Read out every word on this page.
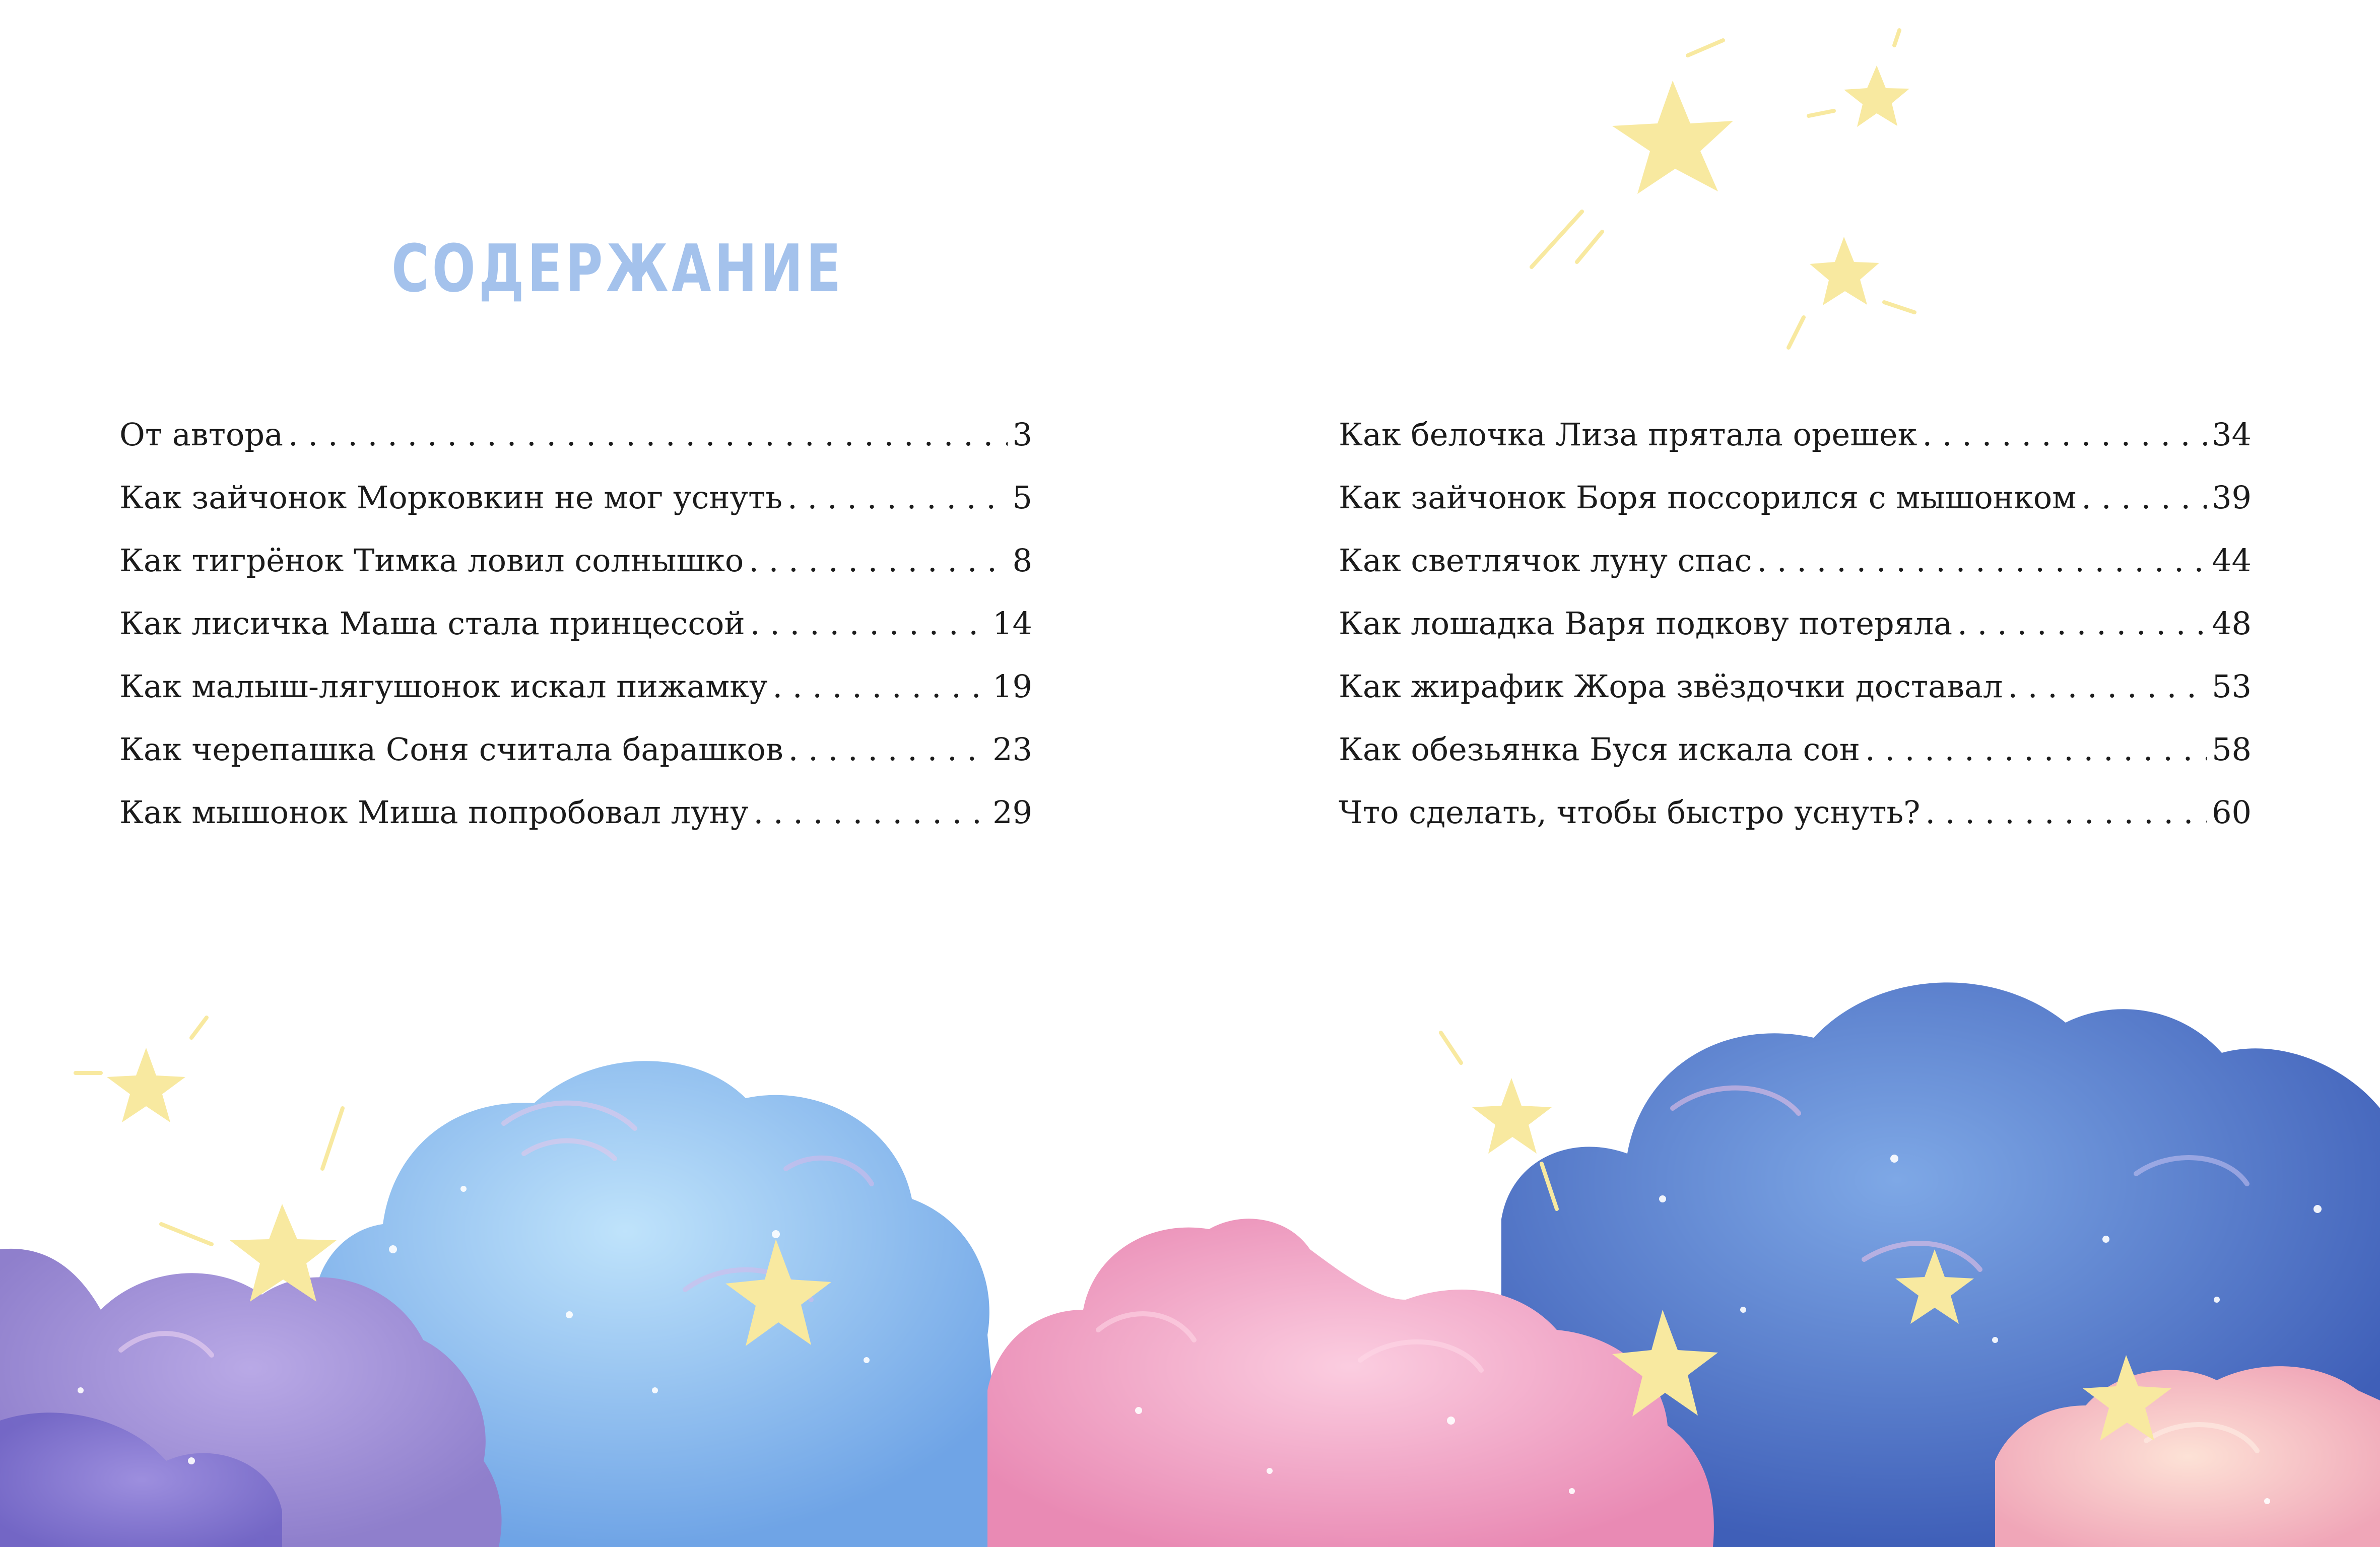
СОДЕРЖАНИЕ
От автора . . .	3
Как зайчонок Морковкин не мог уснуть . . .	5
Как тигрёнок Тимка ловил солнышко . . .	8
Как лисичка Маша стала принцессой . . .	14
Как малыш-лягушонок искал пижамку . . .	19
Как черепашка Соня считала барашков . . .	23
Как мышонок Миша попробовал луну . . .	29
Как белочка Лиза прятала орешек . . .	34
Как зайчонок Боря поссорился с мышонком . . .	39
Как светлячок луну спас . . .	44
Как лошадка Варя подкову потеряла . . .	48
Как жирафик Жора звёздочки доставал . . .	53
Как обезьянка Буся искала сон . . .	58
Что сделать, чтобы быстро уснуть? . . .	60
